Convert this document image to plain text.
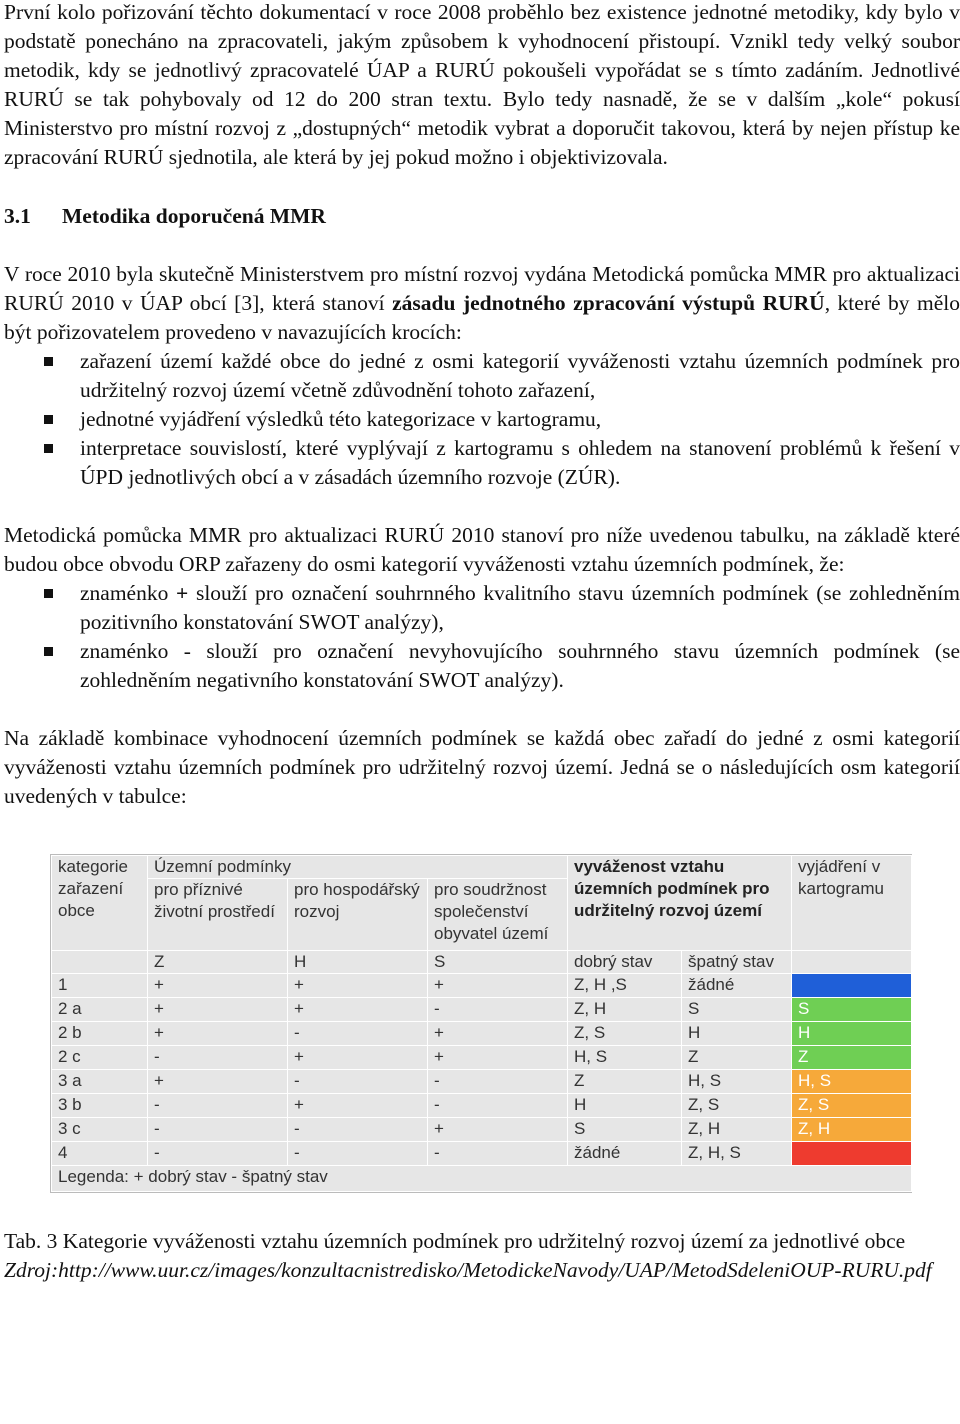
První kolo pořizování těchto dokumentací v roce 2008 proběhlo bez existence jednotné metodiky, kdy bylo v podstatě ponecháno na zpracovateli, jakým způsobem k vyhodnocení přistoupí. Vznikl tedy velký soubor metodik, kdy se jednotlivý zpracovatelé ÚAP a RURÚ pokoušeli vypořádat se s tímto zadáním. Jednotlivé RURÚ se tak pohybovaly od 12 do 200 stran textu. Bylo tedy nasnadě, že se v dalším „kole“ pokusí Ministerstvo pro místní rozvoj z „dostupných“ metodik vybrat a doporučit takovou, která by nejen přístup ke zpracování RURÚ sjednotila, ale která by jej pokud možno i objektivizovala.

3.1 Metodika doporučená MMR

V roce 2010 byla skutečně Ministerstvem pro místní rozvoj vydána Metodická pomůcka MMR pro aktualizaci RURÚ 2010 v ÚAP obcí [3], která stanoví zásadu jednotného zpracování výstupů RURÚ, které by mělo být pořizovatelem provedeno v navazujících krocích:

zařazení území každé obce do jedné z osmi kategorií vyváženosti vztahu územních podmínek pro udržitelný rozvoj území včetně zdůvodnění tohoto zařazení,
jednotné vyjádření výsledků této kategorizace v kartogramu,
interpretace souvislostí, které vyplývají z kartogramu s ohledem na stanovení problémů k řešení v ÚPD jednotlivých obcí a v zásadách územního rozvoje (ZÚR).

Metodická pomůcka MMR pro aktualizaci RURÚ 2010 stanoví pro níže uvedenou tabulku, na základě které budou obce obvodu ORP zařazeny do osmi kategorií vyváženosti vztahu územních podmínek, že:

znaménko + slouží pro označení souhrnného kvalitního stavu územních podmínek (se zohledněním pozitivního konstatování SWOT analýzy),
znaménko - slouží pro označení nevyhovujícího souhrnného stavu územních podmínek (se zohledněním negativního konstatování SWOT analýzy).

Na základě kombinace vyhodnocení územních podmínek se každá obec zařadí do jedné z osmi kategorií vyváženosti vztahu územních podmínek pro udržitelný rozvoj území. Jedná se o následujících osm kategorií uvedených v tabulce:

kategorie zařazení obce	Územní podmínky			vyváženost vztahu územních podmínek pro udržitelný rozvoj území		vyjádření v kartogramu
	pro příznivé životní prostředí	pro hospodářský rozvoj	pro soudržnost společenství obyvatel území			
	Z	H	S	dobrý stav	špatný stav	
1	+	+	+	Z, H ,S	žádné	
2 a	+	+	-	Z, H	S	S
2 b	+	-	+	Z, S	H	H
2 c	-	+	+	H, S	Z	Z
3 a	+	-	-	Z	H, S	H, S
3 b	-	+	-	H	Z, S	Z, S
3 c	-	-	+	S	Z, H	Z, H
4	-	-	-	žádné	Z, H, S	
Legenda: + dobrý stav - špatný stav						

Tab. 3 Kategorie vyváženosti vztahu územních podmínek pro udržitelný rozvoj území za jednotlivé obce

Zdroj:http://www.uur.cz/images/konzultacnistredisko/MetodickeNavody/UAP/MetodSdeleniOUP-RURU.pdf
